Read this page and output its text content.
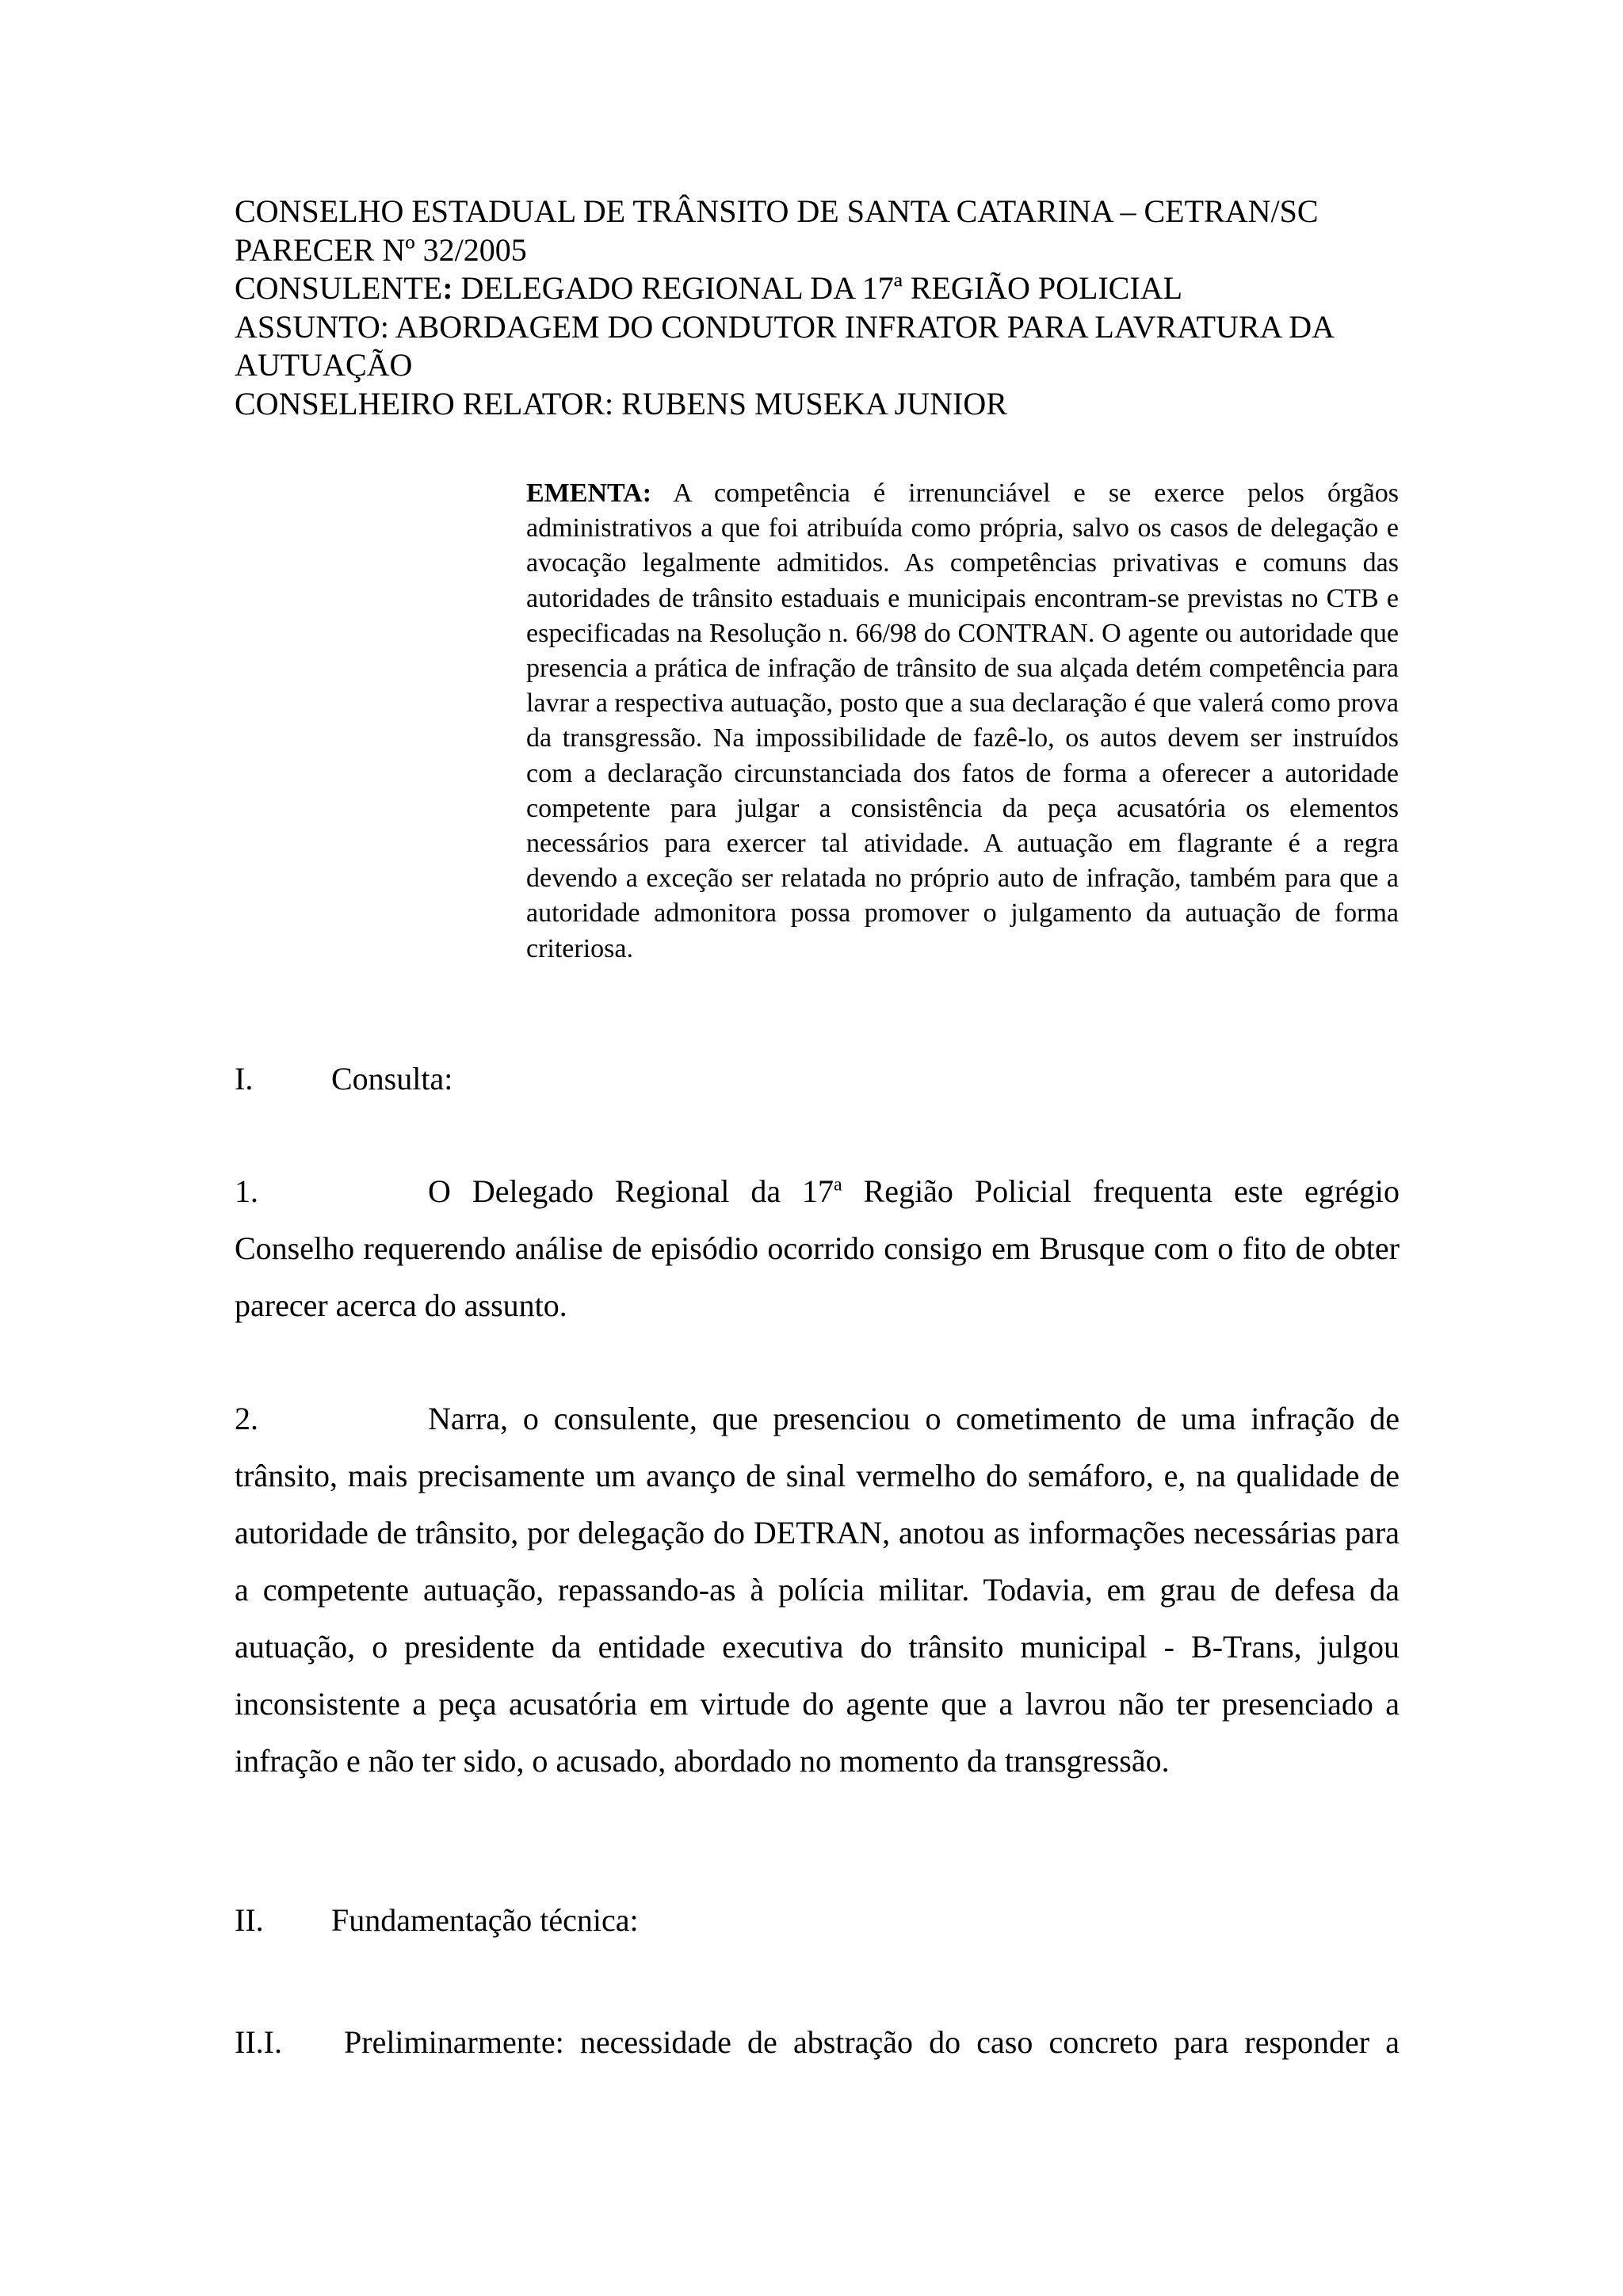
CONSELHO ESTADUAL DE TRÂNSITO DE SANTA CATARINA – CETRAN/SC
PARECER Nº 32/2005
CONSULENTE: DELEGADO REGIONAL DA 17ª REGIÃO POLICIAL
ASSUNTO: ABORDAGEM DO CONDUTOR INFRATOR PARA LAVRATURA DA
AUTUAÇÃO
CONSELHEIRO RELATOR: RUBENS MUSEKA JUNIOR
EMENTA: A competência é irrenunciável e se exerce pelos órgãos administrativos a que foi atribuída como própria, salvo os casos de delegação e avocação legalmente admitidos. As competências privativas e comuns das autoridades de trânsito estaduais e municipais encontram-se previstas no CTB e especificadas na Resolução n. 66/98 do CONTRAN. O agente ou autoridade que presencia a prática de infração de trânsito de sua alçada detém competência para lavrar a respectiva autuação, posto que a sua declaração é que valerá como prova da transgressão. Na impossibilidade de fazê-lo, os autos devem ser instruídos com a declaração circunstanciada dos fatos de forma a oferecer a autoridade competente para julgar a consistência da peça acusatória os elementos necessários para exercer tal atividade. A autuação em flagrante é a regra devendo a exceção ser relatada no próprio auto de infração, também para que a autoridade admonitora possa promover o julgamento da autuação de forma criteriosa.
I. Consulta:
1.	O Delegado Regional da 17$^a$ Região Policial frequenta este egrégio Conselho requerendo análise de episódio ocorrido consigo em Brusque com o fito de obter parecer acerca do assunto.
2.	Narra, o consulente, que presenciou o cometimento de uma infração de trânsito, mais precisamente um avanço de sinal vermelho do semáforo, e, na qualidade de autoridade de trânsito, por delegação do DETRAN, anotou as informações necessárias para a competente autuação, repassando-as à polícia militar. Todavia, em grau de defesa da autuação, o presidente da entidade executiva do trânsito municipal - B-Trans, julgou inconsistente a peça acusatória em virtude do agente que a lavrou não ter presenciado a infração e não ter sido, o acusado, abordado no momento da transgressão.
II. Fundamentação técnica:
II.I. Preliminarmente: necessidade de abstração do caso concreto para responder a
